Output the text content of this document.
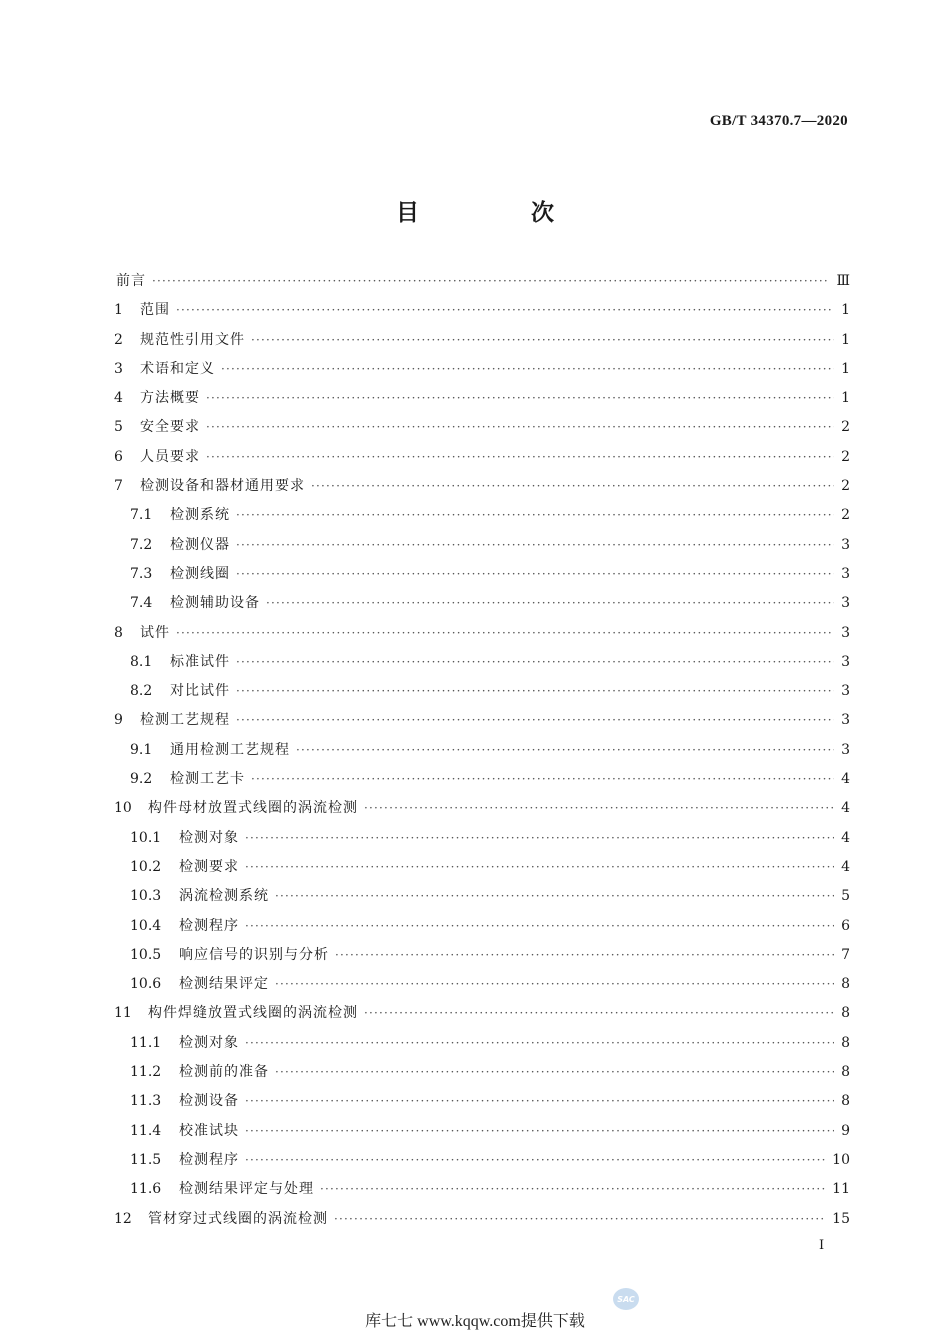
GB/T 34370.7—2020
目 次
前言 ·····	Ⅲ
1	范围 ·····	1
2	规范性引用文件 ·····	1
3	术语和定义 ·····	1
4	方法概要 ·····	1
5	安全要求 ·····	2
6	人员要求 ·····	2
7	检测设备和器材通用要求 ·····	2
7.1	检测系统 ·····	2
7.2	检测仪器 ·····	3
7.3	检测线圈 ·····	3
7.4	检测辅助设备 ·····	3
8	试件 ·····	3
8.1	标准试件 ·····	3
8.2	对比试件 ·····	3
9	检测工艺规程 ·····	3
9.1	通用检测工艺规程 ·····	3
9.2	检测工艺卡 ·····	4
10	构件母材放置式线圈的涡流检测 ·····	4
10.1	检测对象 ·····	4
10.2	检测要求 ·····	4
10.3	涡流检测系统 ·····	5
10.4	检测程序 ·····	6
10.5	响应信号的识别与分析 ·····	7
10.6	检测结果评定 ·····	8
11	构件焊缝放置式线圈的涡流检测 ·····	8
11.1	检测对象 ·····	8
11.2	检测前的准备 ·····	8
11.3	检测设备 ·····	8
11.4	校准试块 ·····	9
11.5	检测程序 ·····	10
11.6	检测结果评定与处理 ·····	11
12	管材穿过式线圈的涡流检测 ·····	15
I
SAC
库七七 www.kqqw.com提供下载
